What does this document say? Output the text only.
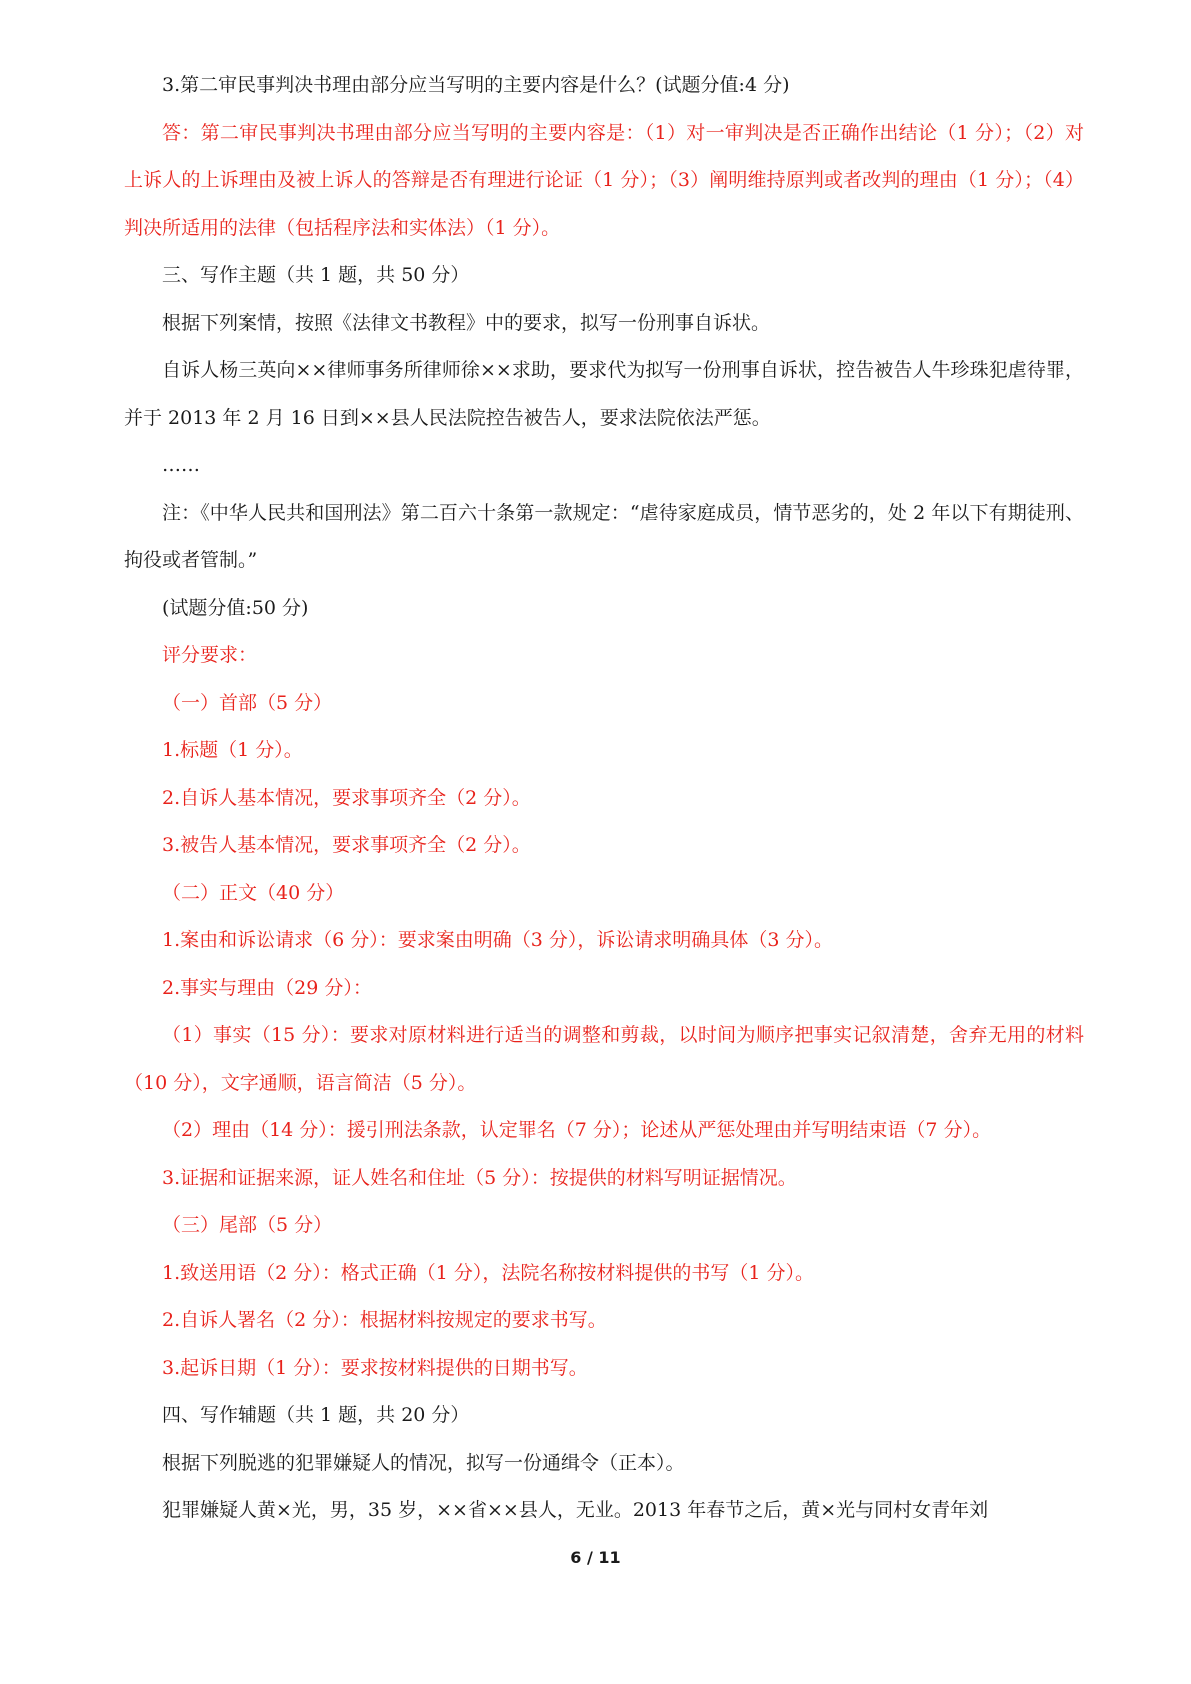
3.第二审民事判决书理由部分应当写明的主要内容是什么？(试题分值:4 分)

答：第二审民事判决书理由部分应当写明的主要内容是：（1）对一审判决是否正确作出结论（1 分）；（2）对上诉人的上诉理由及被上诉人的答辩是否有理进行论证（1 分）；（3）阐明维持原判或者改判的理由（1 分）；（4）判决所适用的法律（包括程序法和实体法）（1 分）。

三、写作主题（共 1 题，共 50 分）

根据下列案情，按照《法律文书教程》中的要求，拟写一份刑事自诉状。

自诉人杨三英向××律师事务所律师徐××求助，要求代为拟写一份刑事自诉状，控告被告人牛珍珠犯虐待罪，并于 2013 年 2 月 16 日到××县人民法院控告被告人，要求法院依法严惩。

……

注：《中华人民共和国刑法》第二百六十条第一款规定：“虐待家庭成员，情节恶劣的，处 2 年以下有期徒刑、拘役或者管制。”

(试题分值:50 分)

评分要求：

（一）首部（5 分）

1.标题（1 分）。

2.自诉人基本情况，要求事项齐全（2 分）。

3.被告人基本情况，要求事项齐全（2 分）。

（二）正文（40 分）

1.案由和诉讼请求（6 分）：要求案由明确（3 分），诉讼请求明确具体（3 分）。

2.事实与理由（29 分）：

（1）事实（15 分）：要求对原材料进行适当的调整和剪裁，以时间为顺序把事实记叙清楚，舍弃无用的材料（10 分），文字通顺，语言简洁（5 分）。

（2）理由（14 分）：援引刑法条款，认定罪名（7 分）；论述从严惩处理由并写明结束语（7 分）。

3.证据和证据来源，证人姓名和住址（5 分）：按提供的材料写明证据情况。

（三）尾部（5 分）

1.致送用语（2 分）：格式正确（1 分），法院名称按材料提供的书写（1 分）。

2.自诉人署名（2 分）：根据材料按规定的要求书写。

3.起诉日期（1 分）：要求按材料提供的日期书写。

四、写作辅题（共 1 题，共 20 分）

根据下列脱逃的犯罪嫌疑人的情况，拟写一份通缉令（正本）。

犯罪嫌疑人黄×光，男，35 岁，××省××县人，无业。2013 年春节之后，黄×光与同村女青年刘

6 / 11
